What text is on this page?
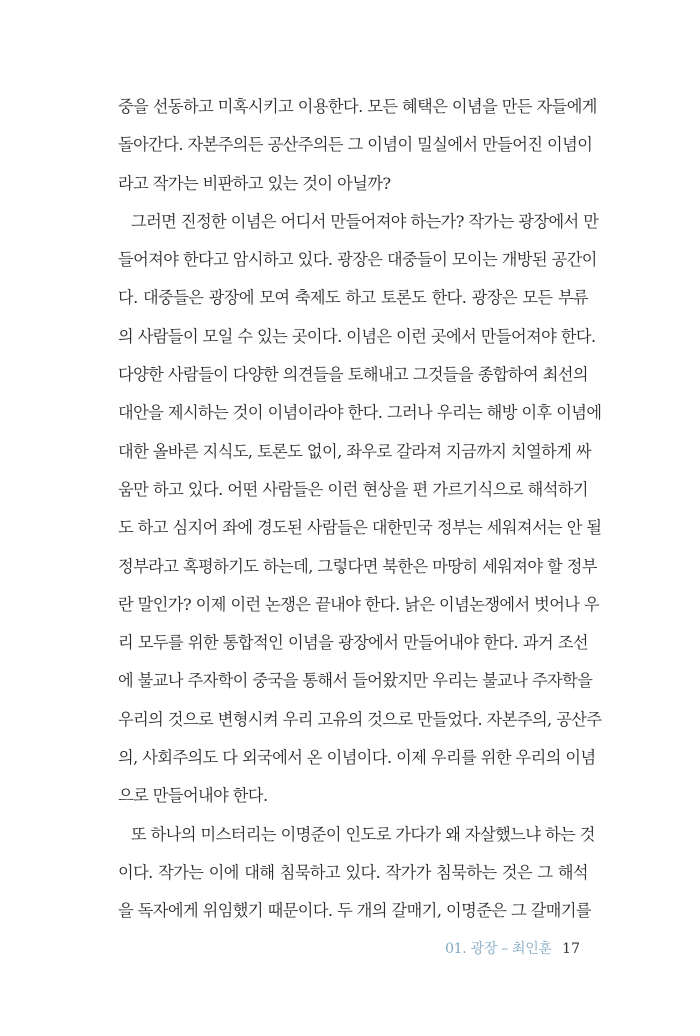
중을 선동하고 미혹시키고 이용한다. 모든 혜택은 이념을 만든 자들에게
돌아간다. 자본주의든 공산주의든 그 이념이 밀실에서 만들어진 이념이
라고 작가는 비판하고 있는 것이 아닐까?
그러면 진정한 이념은 어디서 만들어져야 하는가? 작가는 광장에서 만
들어져야 한다고 암시하고 있다. 광장은 대중들이 모이는 개방된 공간이
다. 대중들은 광장에 모여 축제도 하고 토론도 한다. 광장은 모든 부류
의 사람들이 모일 수 있는 곳이다. 이념은 이런 곳에서 만들어져야 한다.
다양한 사람들이 다양한 의견들을 토해내고 그것들을 종합하여 최선의
대안을 제시하는 것이 이념이라야 한다. 그러나 우리는 해방 이후 이념에
대한 올바른 지식도, 토론도 없이, 좌우로 갈라져 지금까지 치열하게 싸
움만 하고 있다. 어떤 사람들은 이런 현상을 편 가르기식으로 해석하기
도 하고 심지어 좌에 경도된 사람들은 대한민국 정부는 세워져서는 안 될
정부라고 혹평하기도 하는데, 그렇다면 북한은 마땅히 세워져야 할 정부
란 말인가? 이제 이런 논쟁은 끝내야 한다. 낡은 이념논쟁에서 벗어나 우
리 모두를 위한 통합적인 이념을 광장에서 만들어내야 한다. 과거 조선
에 불교나 주자학이 중국을 통해서 들어왔지만 우리는 불교나 주자학을
우리의 것으로 변형시켜 우리 고유의 것으로 만들었다. 자본주의, 공산주
의, 사회주의도 다 외국에서 온 이념이다. 이제 우리를 위한 우리의 이념
으로 만들어내야 한다.
또 하나의 미스터리는 이명준이 인도로 가다가 왜 자살했느냐 하는 것
이다. 작가는 이에 대해 침묵하고 있다. 작가가 침묵하는 것은 그 해석
을 독자에게 위임했기 때문이다. 두 개의 갈매기, 이명준은 그 갈매기를
01. 광장 – 최인훈 17
